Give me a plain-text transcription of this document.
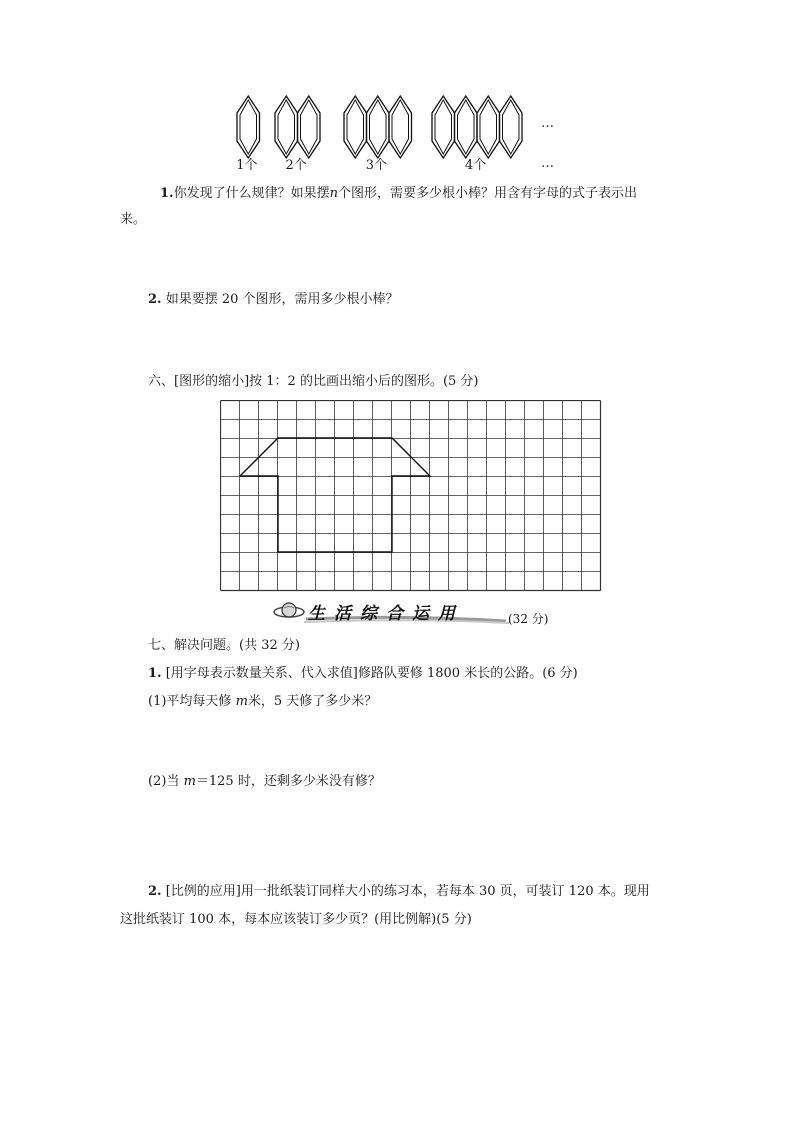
1个 2个	3个	4个
…
…
1.你发现了什么规律？如果摆n个图形，需要多少根小棒？用含有字母的式子表示出
来。
2. 如果要摆 20 个图形，需用多少根小棒？
六、[图形的缩小]按 1：2 的比画出缩小后的图形。(5 分)
生活综合运用	(32 分)
七、解决问题。(共 32 分)
1. [用字母表示数量关系、代入求值]修路队要修 1800 米长的公路。(6 分)
(1)平均每天修 m米，5 天修了多少米？
(2)当 m＝125 时，还剩多少米没有修？
2. [比例的应用]用一批纸装订同样大小的练习本，若每本 30 页，可装订 120 本。现用
这批纸装订 100 本，每本应该装订多少页？(用比例解)(5 分)
